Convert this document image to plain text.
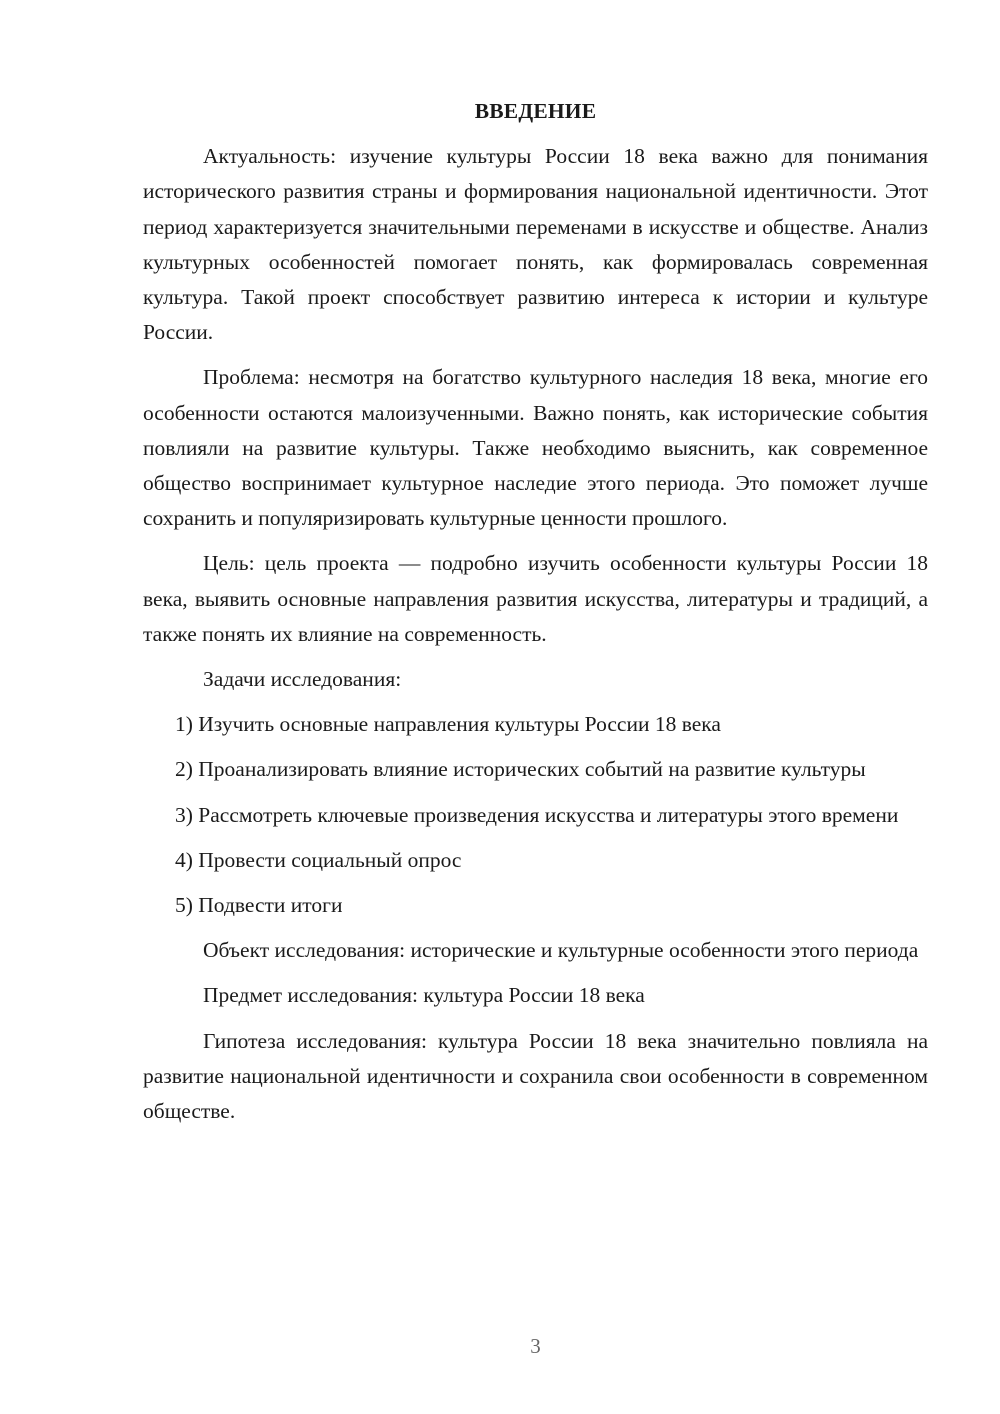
ВВЕДЕНИЕ

Актуальность: изучение культуры России 18 века важно для понимания исторического развития страны и формирования национальной идентичности. Этот период характеризуется значительными переменами в искусстве и обществе. Анализ культурных особенностей помогает понять, как формировалась современная культура. Такой проект способствует развитию интереса к истории и культуре России.

Проблема: несмотря на богатство культурного наследия 18 века, многие его особенности остаются малоизученными. Важно понять, как исторические события повлияли на развитие культуры. Также необходимо выяснить, как современное общество воспринимает культурное наследие этого периода. Это поможет лучше сохранить и популяризировать культурные ценности прошлого.

Цель: цель проекта — подробно изучить особенности культуры России 18 века, выявить основные направления развития искусства, литературы и традиций, а также понять их влияние на современность.

Задачи исследования:

1) Изучить основные направления культуры России 18 века

2) Проанализировать влияние исторических событий на развитие культуры

3) Рассмотреть ключевые произведения искусства и литературы этого времени

4) Провести социальный опрос

5) Подвести итоги

Объект исследования: исторические и культурные особенности этого периода

Предмет исследования: культура России 18 века

Гипотеза исследования: культура России 18 века значительно повлияла на развитие национальной идентичности и сохранила свои особенности в современном обществе.

3
